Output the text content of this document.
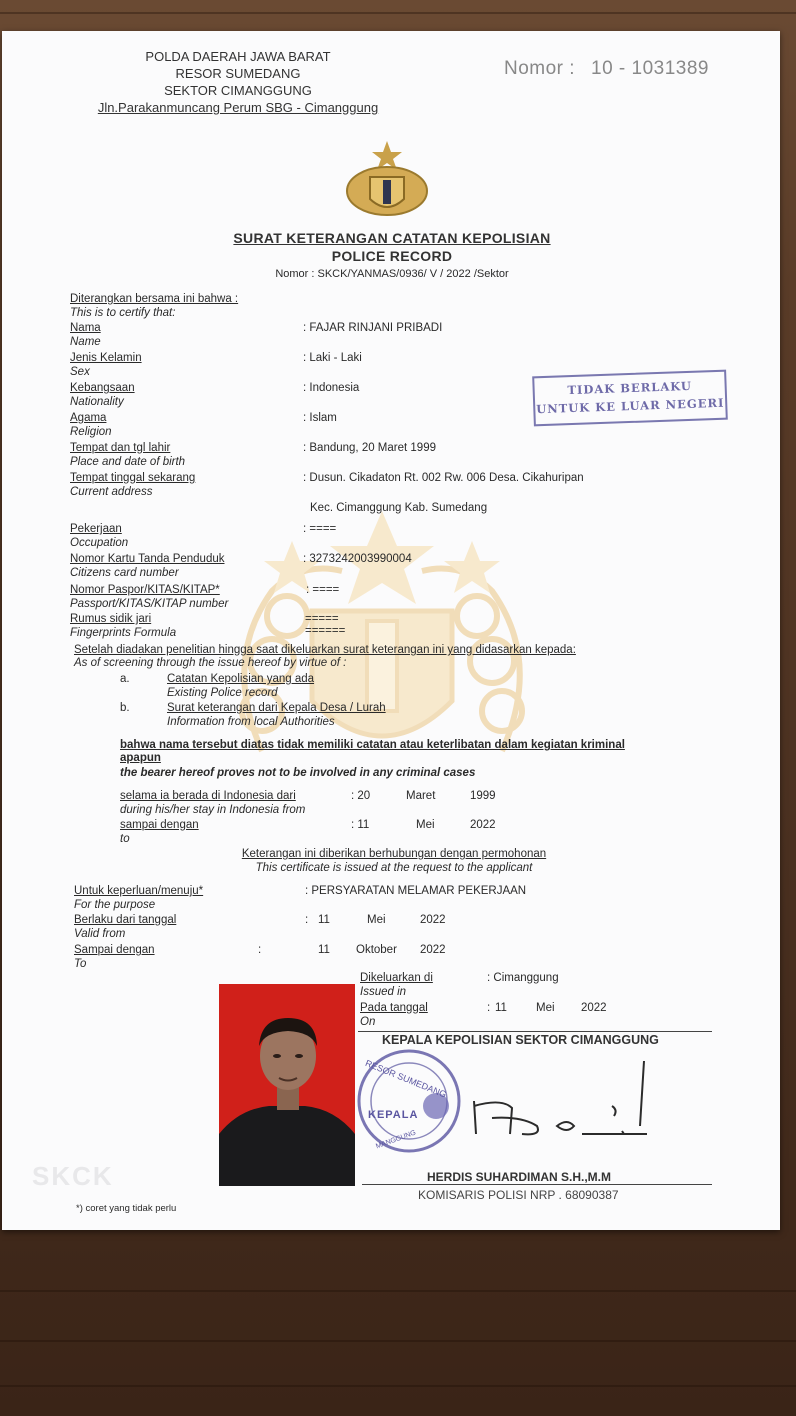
POLDA DAERAH JAWA BARAT
RESOR SUMEDANG
SEKTOR CIMANGGUNG
Jln.Parakanmuncang Perum SBG - Cimanggung
Nomor : 10 - 1031389
SURAT KETERANGAN CATATAN KEPOLISIAN
POLICE RECORD
Nomor : SKCK/YANMAS/0936/ V / 2022 /Sektor
Diterangkan bersama ini bahwa :
This is to certify that:
Nama
Name
: FAJAR RINJANI PRIBADI
Jenis Kelamin
Sex
: Laki - Laki
Kebangsaan
Nationality
: Indonesia
Agama
Religion
: Islam
Tempat dan tgl lahir
Place and date of birth
: Bandung, 20 Maret 1999
Tempat tinggal sekarang
Current address
: Dusun. Cikadaton Rt. 002 Rw. 006 Desa. Cikahuripan
Kec. Cimanggung Kab. Sumedang
Pekerjaan
Occupation
: ====
Nomor Kartu Tanda Penduduk
Citizens card number
: 3273242003990004
Nomor Paspor/KITAS/KITAP*
Passport/KITAS/KITAP number
: ====
Rumus sidik jari
Fingerprints Formula
=====
======
TIDAK BERLAKU
UNTUK KE LUAR NEGERI
Setelah diadakan penelitian hingga saat dikeluarkan surat keterangan ini yang didasarkan kepada:
As of screening through the issue hereof by virtue of :
a.	Catatan Kepolisian yang ada
Existing Police record
b.	Surat keterangan dari Kepala Desa / Lurah
Information from local Authorities
bahwa nama tersebut diatas tidak memiliki catatan atau keterlibatan dalam kegiatan kriminal
apapun
the bearer hereof proves not to be involved in any criminal cases
selama ia berada di Indonesia dari
during his/her stay in Indonesia from
: 20	Maret	1999
sampai dengan
to
: 11	Mei	2022
Keterangan ini diberikan berhubungan dengan permohonan
This certificate is issued at the request to the applicant
Untuk keperluan/menuju*
For the purpose
: PERSYARATAN MELAMAR PEKERJAAN
Berlaku dari tanggal
Valid from
: 11	Mei	2022
Sampai dengan
To
:	11 Oktober 2022
Dikeluarkan di
Issued in
: Cimanggung
Pada tanggal
On
: 11	Mei 2022
KEPALA KEPOLISIAN SEKTOR CIMANGGUNG
RESOR SUMEDANG
KEPALA
MANGGUNG
HERDIS SUHARDIMAN S.H.,M.M
KOMISARIS POLISI NRP . 68090387
SKCK
*) coret yang tidak perlu
